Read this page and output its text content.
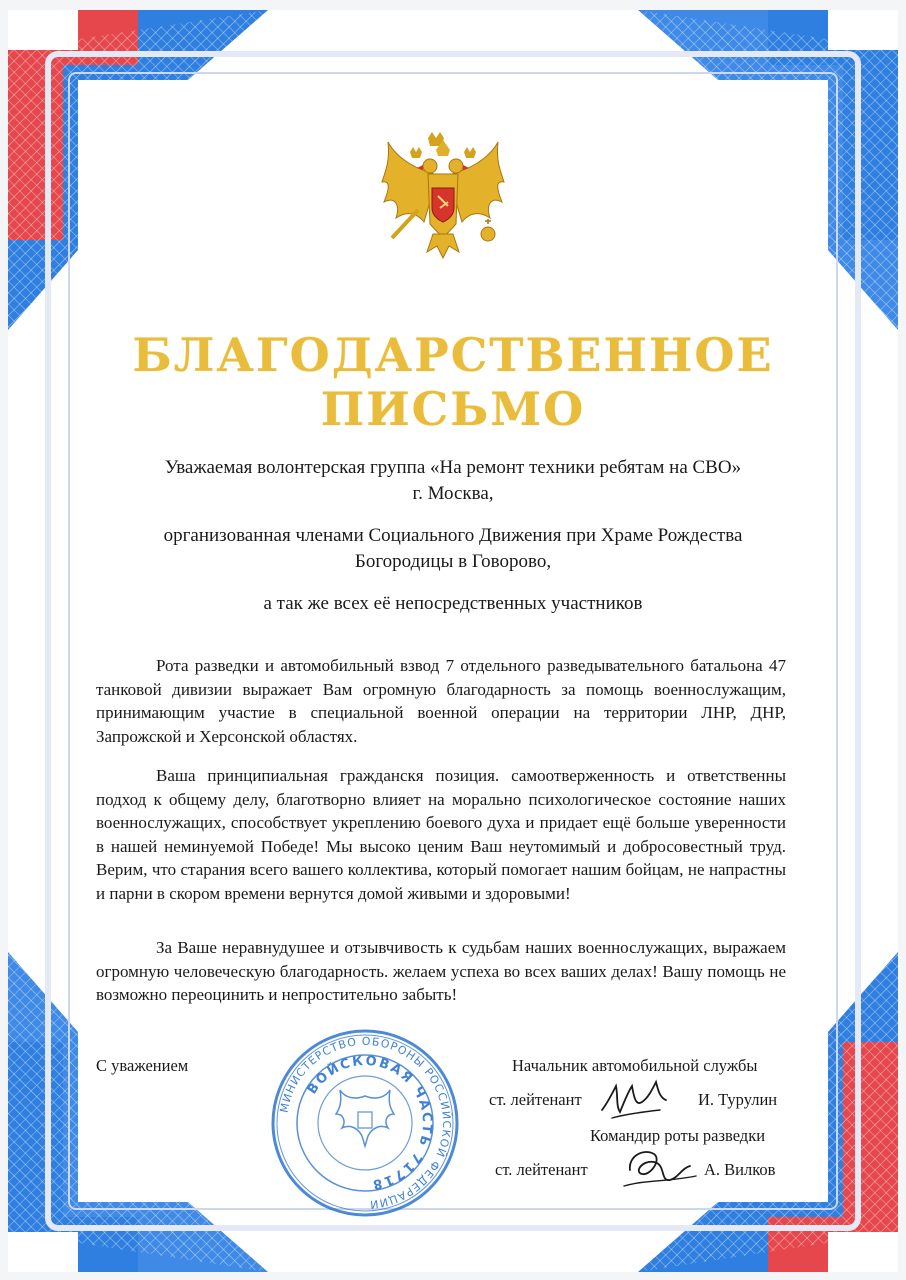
БЛАГОДАРСТВЕННОЕ
ПИСЬМО
Уважаемая волонтерская группа «На ремонт техники ребятам на СВО»
г. Москва,
организованная членами Социального Движения при Храме Рождества
Богородицы в Говорово,
а так же всех её непосредственных участников

Рота разведки и автомобильный взвод 7 отдельного разведывательного батальона 47 танковой дивизии выражает Вам огромную благодарность за помощь военнослужащим, принимающим участие в специальной военной операции на территории ЛНР, ДНР, Запрожской и Херсонской областях.

Ваша принципиальная гражданскя позиция. самоотверженность и ответственны подход к общему делу, благотворно влияет на морально психологическое состояние наших военнослужащих, способствует укреплению боевого духа и придает ещё больше уверенности в нашей неминуемой Победе! Мы высоко ценим Ваш неутомимый и добросовестный труд. Верим, что старания всего вашего коллектива, который помогает нашим бойцам, не напрастны и парни в скором времени вернутся домой живыми и здоровыми!

За Ваше неравнудушее и отзывчивость к судьбам наших военнослужащих, выражаем огромную человеческую благодарность. желаем успеха во всех ваших делах! Вашу помощь не возможно переоцинить и непростительно забыть!

МИНИСТЕРСТВО ОБОРОНЫ РОССИЙСКОЙ ФЕДЕРАЦИИ
ВОЙСКОВАЯ ЧАСТЬ 71718
С уважением	Начальник автомобильной службы
ст. лейтенант	И. Турулин
Командир роты разведки
ст. лейтенант	А. Вилков
